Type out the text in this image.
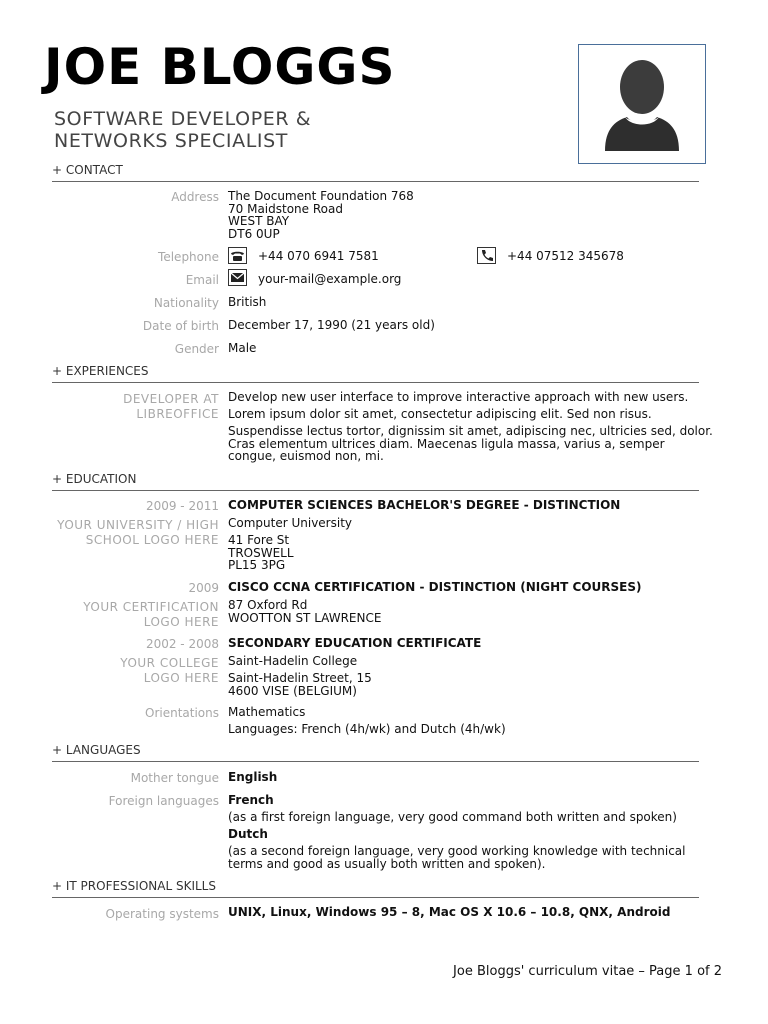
JOE BLOGGS
SOFTWARE DEVELOPER &
NETWORKS SPECIALIST
+ CONTACT
Address The Document Foundation 768
70 Maidstone Road
WEST BAY
DT6 0UP
Telephone	+44 070 6941 7581	+44 07512 345678
Email	your-mail@example.org
Nationality British
Date of birth December 17, 1990 (21 years old)
Gender Male
+ EXPERIENCES
DEVELOPER AT
LIBREOFFICE
Develop new user interface to improve interactive approach with new users.
Lorem ipsum dolor sit amet, consectetur adipiscing elit. Sed non risus.
Suspendisse lectus tortor, dignissim sit amet, adipiscing nec, ultricies sed, dolor.
Cras elementum ultrices diam. Maecenas ligula massa, varius a, semper
congue, euismod non, mi.
+ EDUCATION
2009 - 2011 COMPUTER SCIENCES BACHELOR'S DEGREE - DISTINCTION
YOUR UNIVERSITY / HIGH
SCHOOL LOGO HERE
Computer University
41 Fore St
TROSWELL
PL15 3PG
2009 CISCO CCNA CERTIFICATION - DISTINCTION (NIGHT COURSES)
YOUR CERTIFICATION
LOGO HERE
87 Oxford Rd
WOOTTON ST LAWRENCE
2002 - 2008 SECONDARY EDUCATION CERTIFICATE
YOUR COLLEGE
LOGO HERE
Saint-Hadelin College
Saint-Hadelin Street, 15
4600 VISE (BELGIUM)
Orientations Mathematics
Languages: French (4h/wk) and Dutch (4h/wk)
+ LANGUAGES
Mother tongue English
Foreign languages French
(as a first foreign language, very good command both written and spoken)
Dutch
(as a second foreign language, very good working knowledge with technical
terms and good as usually both written and spoken).
+ IT PROFESSIONAL SKILLS
Operating systems UNIX, Linux, Windows 95 – 8, Mac OS X 10.6 – 10.8, QNX, Android
Joe Bloggs' curriculum vitae – Page 1 of 2
